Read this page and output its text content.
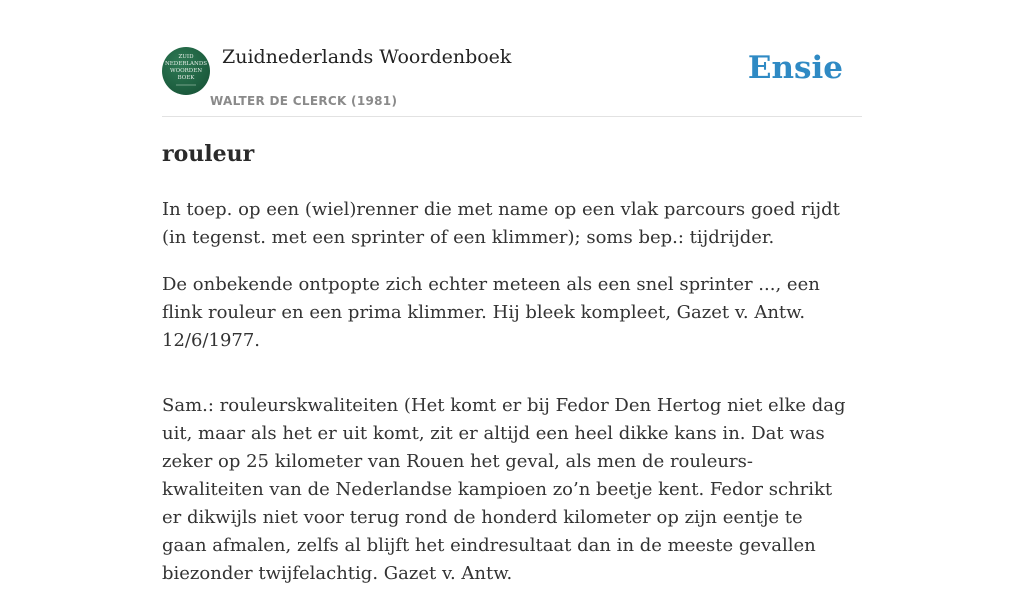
ZUID
NEDERLANDS
WOORDEN
BOEK
Zuidnederlands Woordenboek
WALTER DE CLERCK (1981)
Ensie
rouleur

In toep. op een (wiel)renner die met name op een vlak parcours goed rijdt (in tegenst. met een sprinter of een klimmer); soms bep.: tijdrijder.

De onbekende ontpopte zich echter meteen als een snel sprinter ..., een flink rouleur en een prima klimmer. Hij bleek kompleet, Gazet v. Antw. 12/6/1977.

Sam.: rouleurskwaliteiten (Het komt er bij Fedor Den Hertog niet elke dag uit, maar als het er uit komt, zit er altijd een heel dikke kans in. Dat was zeker op 25 kilometer van Rouen het geval, als men de rouleurs-kwaliteiten van de Nederlandse kampioen zo’n beetje kent. Fedor schrikt er dikwijls niet voor terug rond de honderd kilometer op zijn eentje te gaan afmalen, zelfs al blijft het eindresultaat dan in de meeste gevallen biezonder twijfelachtig. Gazet v. Antw.
